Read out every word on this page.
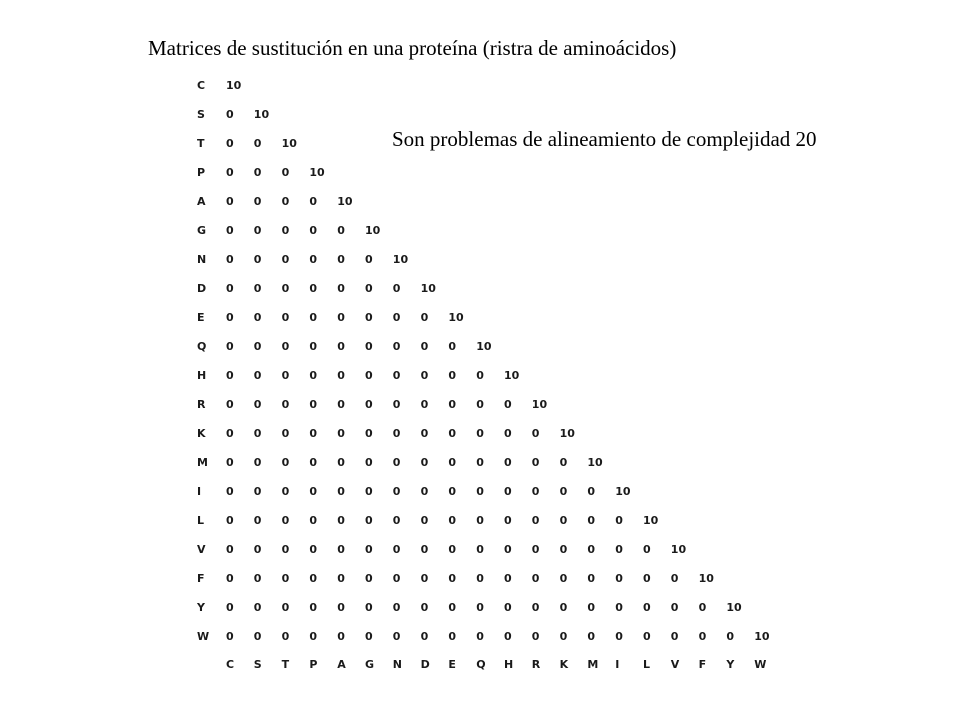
Matrices de sustitución en una proteína (ristra de aminoácidos)
Son problemas de alineamiento de complejidad 20
C 10
S 0 10
T 0 0 10
P 0 0 0 10
A 0 0 0 0 10
G 0 0 0 0 0 10
N 0 0 0 0 0 0 10
D 0 0 0 0 0 0 0 10
E 0 0 0 0 0 0 0 0 10
Q 0 0 0 0 0 0 0 0 0 10
H 0 0 0 0 0 0 0 0 0 0 10
R 0 0 0 0 0 0 0 0 0 0 0 10
K 0 0 0 0 0 0 0 0 0 0 0 0 10
M 0 0 0 0 0 0 0 0 0 0 0 0 0 10
I 0 0 0 0 0 0 0 0 0 0 0 0 0 0 10
L 0 0 0 0 0 0 0 0 0 0 0 0 0 0 0 10
V 0 0 0 0 0 0 0 0 0 0 0 0 0 0 0 0 10
F 0 0 0 0 0 0 0 0 0 0 0 0 0 0 0 0 0 10
Y 0 0 0 0 0 0 0 0 0 0 0 0 0 0 0 0 0 0 10
W 0 0 0 0 0 0 0 0 0 0 0 0 0 0 0 0 0 0 0 10
C S T P A G N D E Q H R K M I L V F Y W
